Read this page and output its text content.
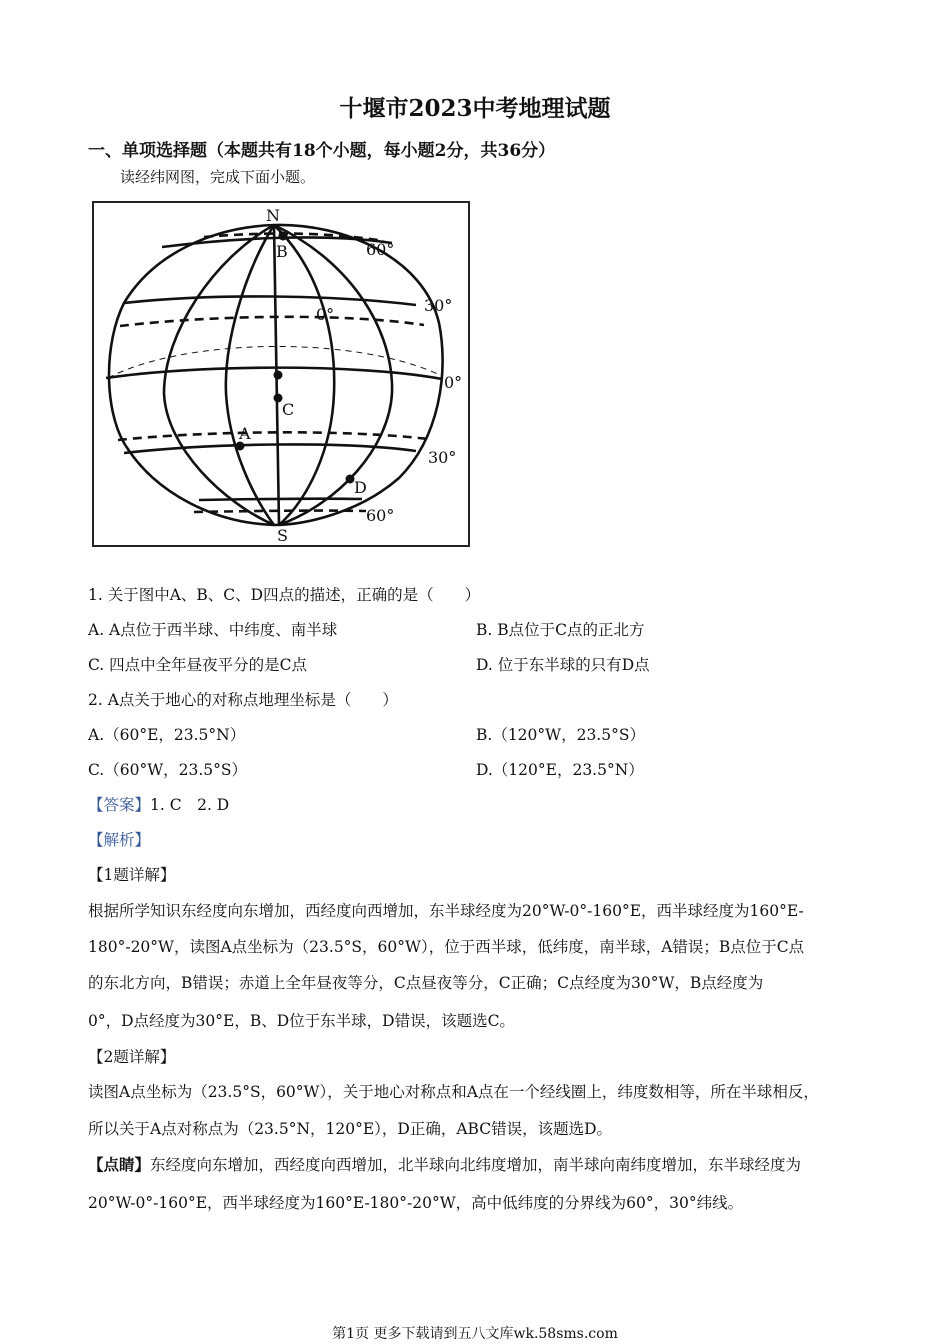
十堰市2023中考地理试题
一、单项选择题（本题共有18个小题，每小题2分，共36分）
读经纬网图，完成下面小题。
N
S
B
C
A
D
60°
30°
0°
30°
60°
0°
1. 关于图中A、B、C、D四点的描述，正确的是（　　）
A. A点位于西半球、中纬度、南半球	B. B点位于C点的正北方
C. 四点中全年昼夜平分的是C点	D. 位于东半球的只有D点
2. A点关于地心的对称点地理坐标是（　　）
A.（60°E，23.5°N）	B.（120°W，23.5°S）
C.（60°W，23.5°S）	D.（120°E，23.5°N）
【答案】1. C　2. D
【解析】
【1题详解】
根据所学知识东经度向东增加，西经度向西增加，东半球经度为20°W-0°-160°E，西半球经度为160°E-
180°-20°W，读图A点坐标为（23.5°S，60°W），位于西半球，低纬度，南半球，A错误；B点位于C点
的东北方向，B错误；赤道上全年昼夜等分，C点昼夜等分，C正确；C点经度为30°W，B点经度为
0°，D点经度为30°E，B、D位于东半球，D错误，该题选C。
【2题详解】
读图A点坐标为（23.5°S，60°W），关于地心对称点和A点在一个经线圈上，纬度数相等，所在半球相反，
所以关于A点对称点为（23.5°N，120°E），D正确，ABC错误，该题选D。
【点睛】东经度向东增加，西经度向西增加，北半球向北纬度增加，南半球向南纬度增加，东半球经度为
20°W-0°-160°E，西半球经度为160°E-180°-20°W，高中低纬度的分界线为60°，30°纬线。
第1页 更多下载请到五八文库wk.58sms.com
